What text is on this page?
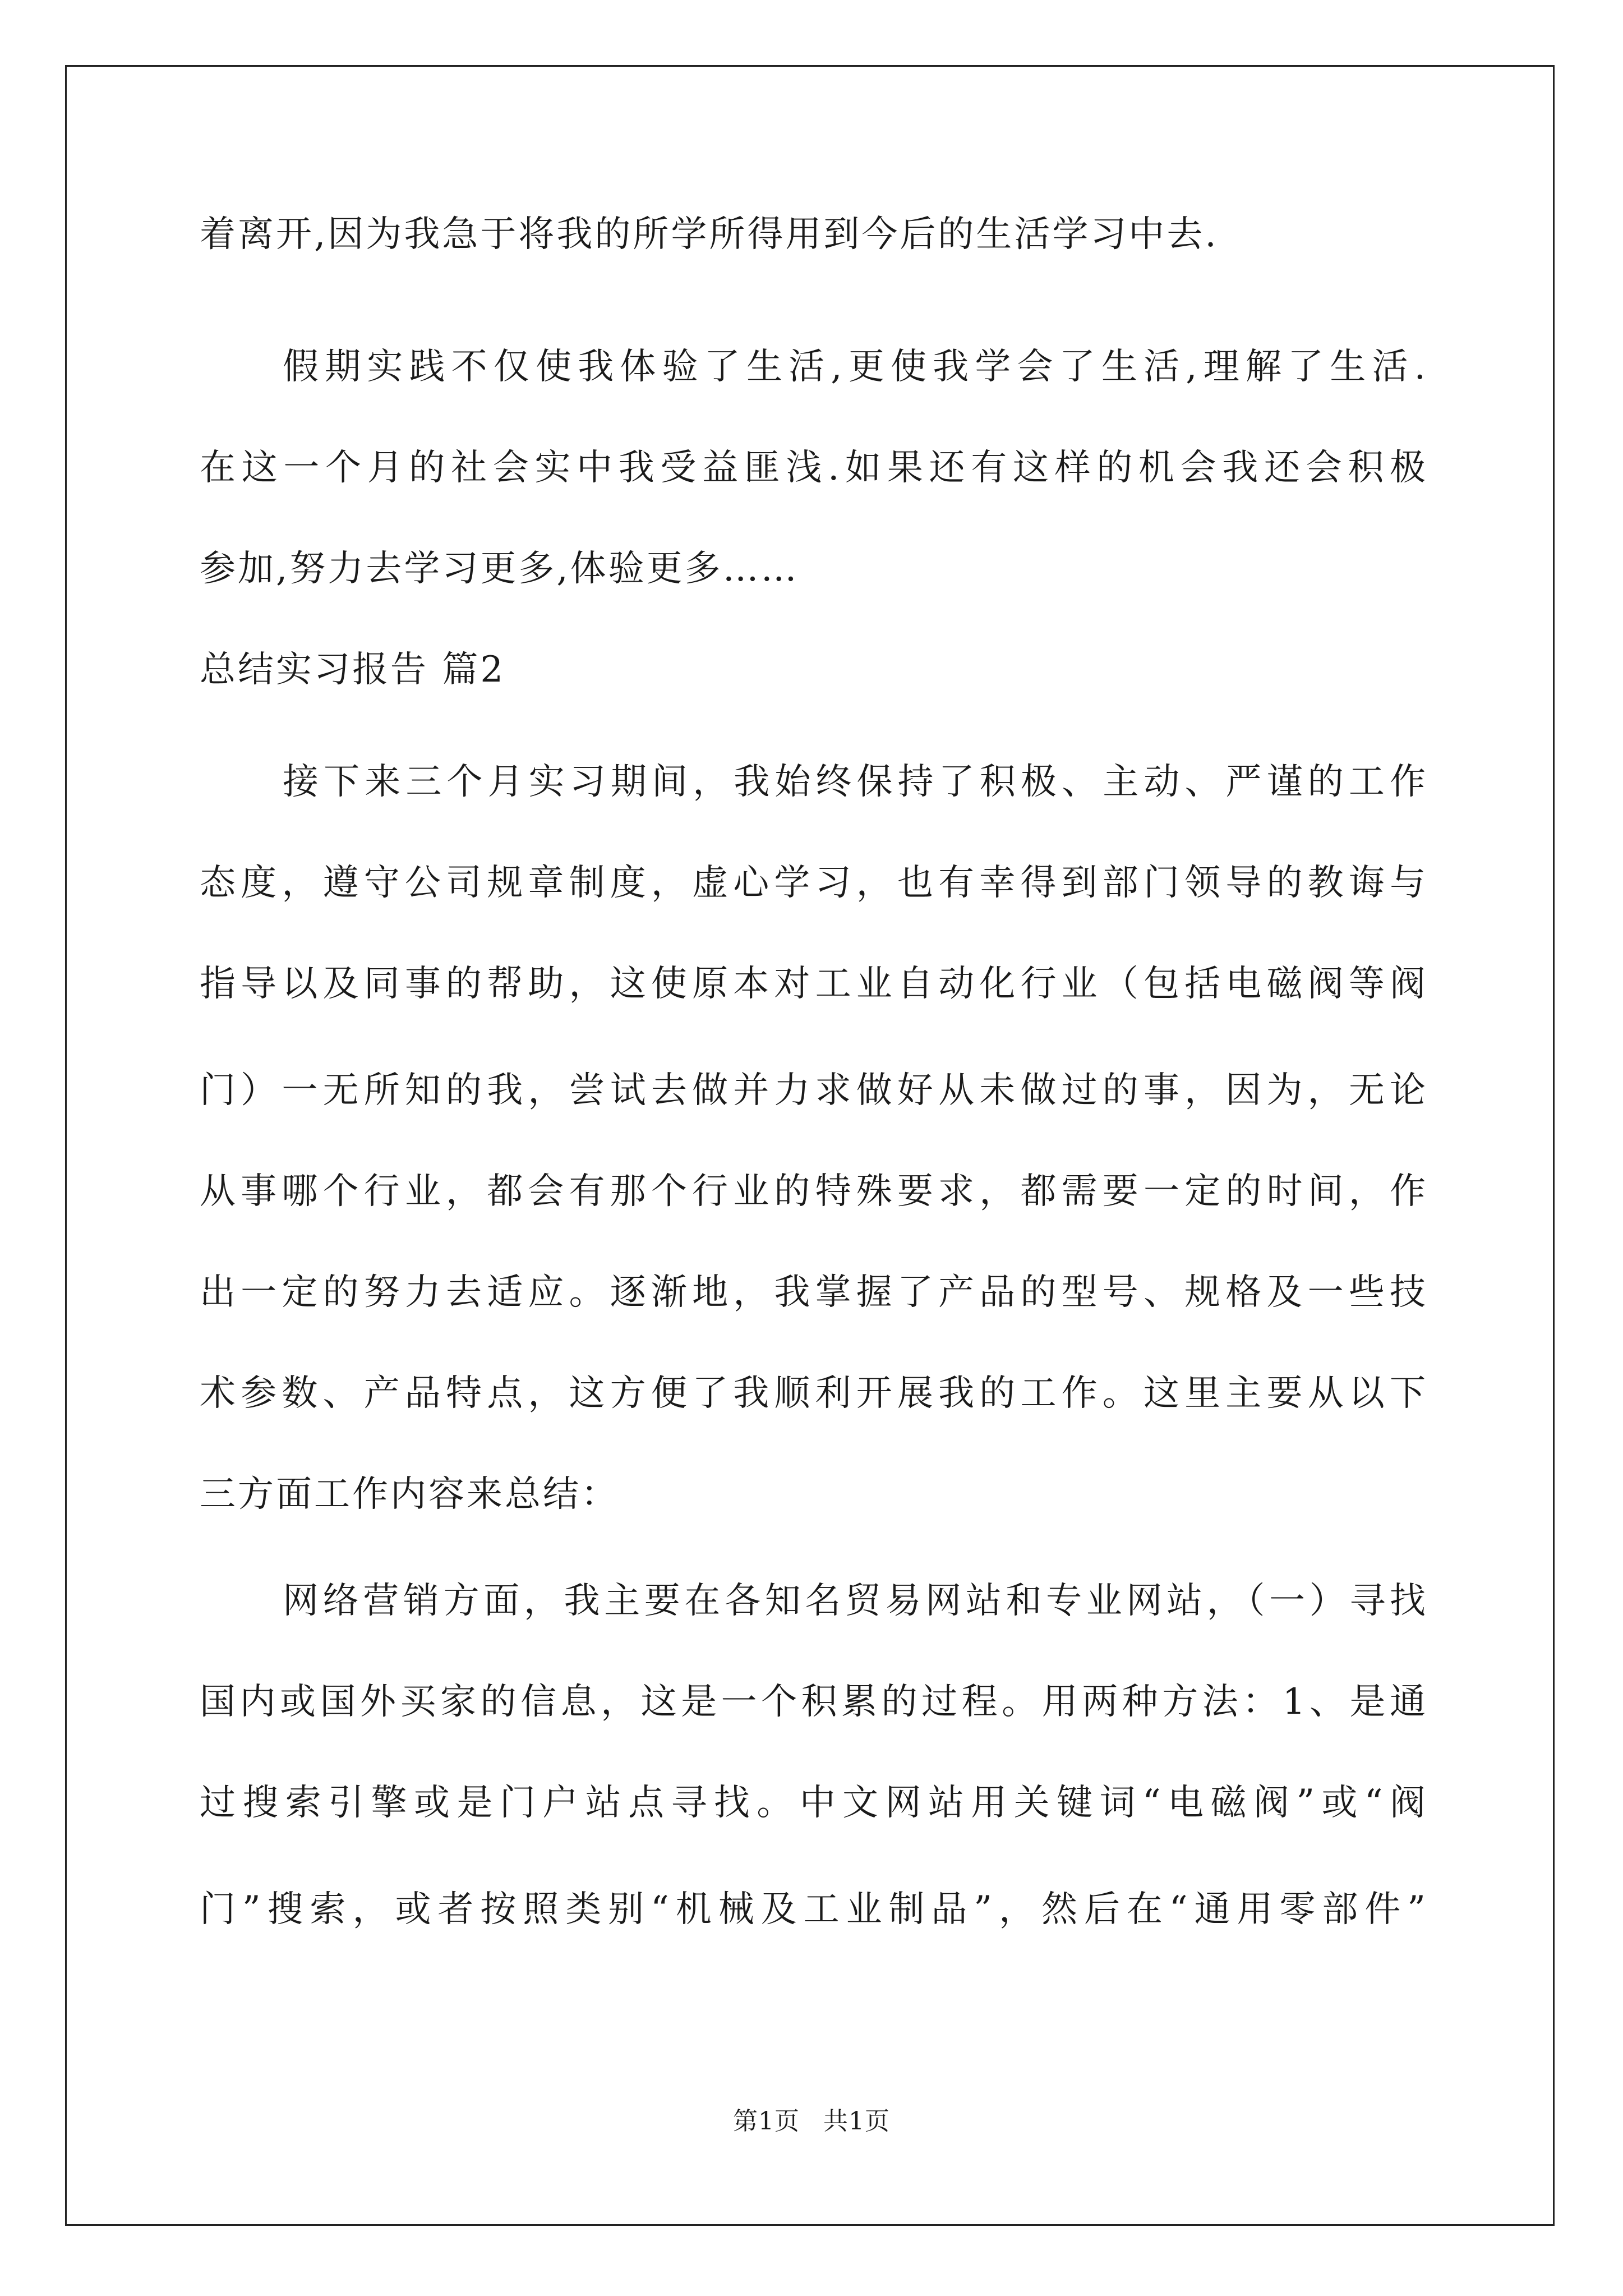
着离开,因为我急于将我的所学所得用到今后的生活学习中去.
假期实践不仅使我体验了生活,更使我学会了生活,理解了生活.
在这一个月的社会实中我受益匪浅.如果还有这样的机会我还会积极
参加,努力去学习更多,体验更多……
总结实习报告 篇2
接下来三个月实习期间，我始终保持了积极、主动、严谨的工作
态度，遵守公司规章制度，虚心学习，也有幸得到部门领导的教诲与
指导以及同事的帮助，这使原本对工业自动化行业（包括电磁阀等阀
门）一无所知的我，尝试去做并力求做好从未做过的事，因为，无论
从事哪个行业，都会有那个行业的特殊要求，都需要一定的时间，作
出一定的努力去适应。逐渐地，我掌握了产品的型号、规格及一些技
术参数、产品特点，这方便了我顺利开展我的工作。这里主要从以下
三方面工作内容来总结：
网络营销方面，我主要在各知名贸易网站和专业网站，（一）寻找
国内或国外买家的信息，这是一个积累的过程。用两种方法：1、是通
过搜索引擎或是门户站点寻找。中文网站用关键词“电磁阀”或“阀
门”搜索，或者按照类别“机械及工业制品”，然后在“通用零部件”
第1页 共1页
